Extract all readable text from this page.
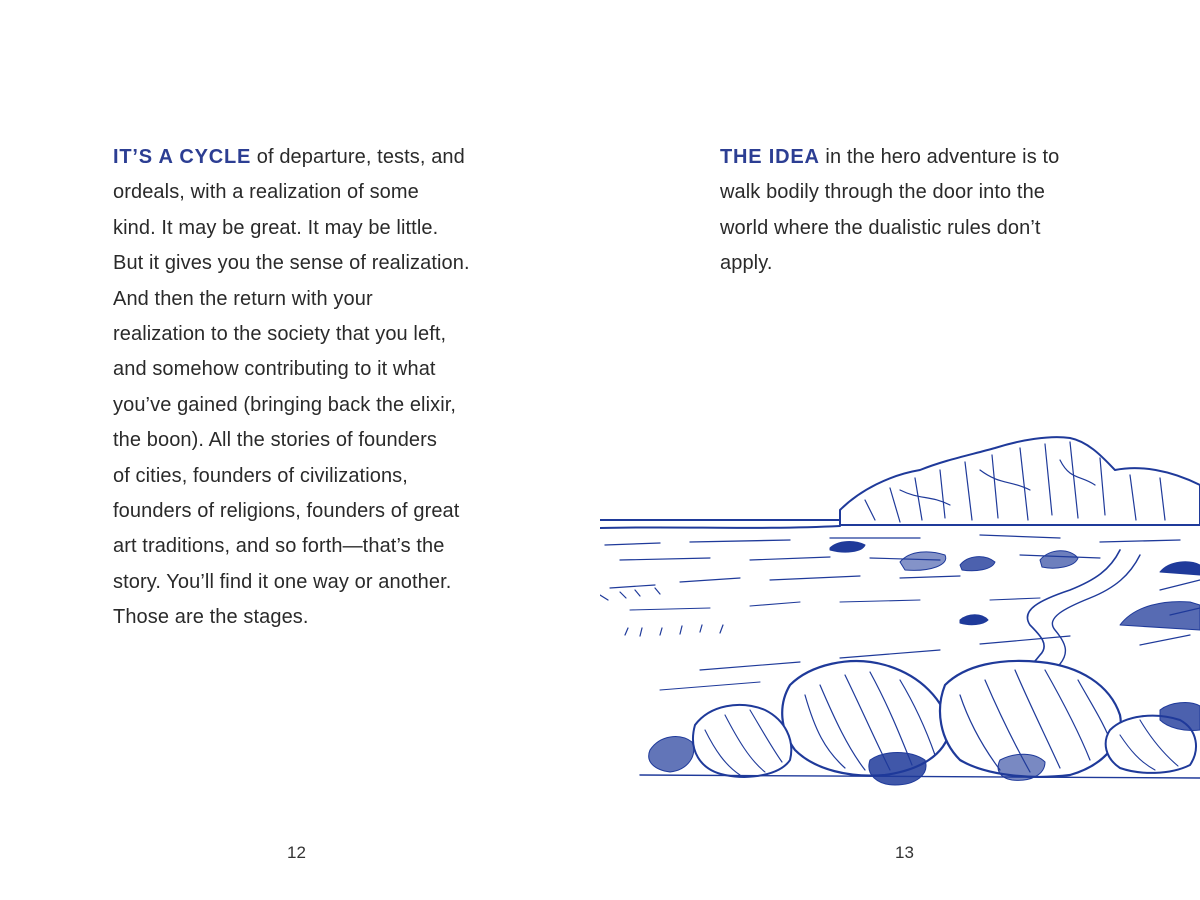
IT’S A CYCLE of departure, tests, and
ordeals, with a realization of some
kind. It may be great. It may be little.
But it gives you the sense of realization.
And then the return with your
realization to the society that you left,
and somehow contributing to it what
you’ve gained (bringing back the elixir,
the boon). All the stories of founders
of cities, founders of civilizations,
founders of religions, founders of great
art traditions, and so forth—that’s the
story. You’ll find it one way or another.
Those are the stages.
12
THE IDEA in the hero adventure is to
walk bodily through the door into the
world where the dualistic rules don’t
apply.
13
